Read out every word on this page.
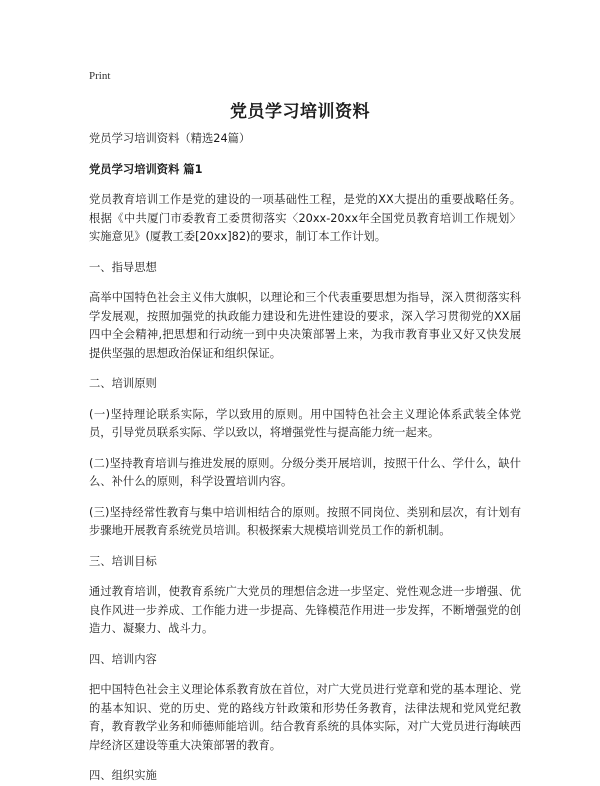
Print
党员学习培训资料
党员学习培训资料（精选24篇）
党员学习培训资料 篇1
党员教育培训工作是党的建设的一项基础性工程，是党的XX大提出的重要战略任务。根据《中共厦门市委教育工委贯彻落实〈20xx-20xx年全国党员教育培训工作规划〉实施意见》(厦教工委[20xx]82)的要求，制订本工作计划。
一、指导思想
高举中国特色社会主义伟大旗帜，以理论和三个代表重要思想为指导，深入贯彻落实科学发展观，按照加强党的执政能力建设和先进性建设的要求，深入学习贯彻党的XX届四中全会精神,把思想和行动统一到中央决策部署上来，为我市教育事业又好又快发展提供坚强的思想政治保证和组织保证。
二、培训原则
(一)坚持理论联系实际，学以致用的原则。用中国特色社会主义理论体系武装全体党员，引导党员联系实际、学以致以，将增强党性与提高能力统一起来。
(二)坚持教育培训与推进发展的原则。分级分类开展培训，按照干什么、学什么，缺什么、补什么的原则，科学设置培训内容。
(三)坚持经常性教育与集中培训相结合的原则。按照不同岗位、类别和层次，有计划有步骤地开展教育系统党员培训。积极探索大规模培训党员工作的新机制。
三、培训目标
通过教育培训，使教育系统广大党员的理想信念进一步坚定、党性观念进一步增强、优良作风进一步养成、工作能力进一步提高、先锋模范作用进一步发挥，不断增强党的创造力、凝聚力、战斗力。
四、培训内容
把中国特色社会主义理论体系教育放在首位，对广大党员进行党章和党的基本理论、党的基本知识、党的历史、党的路线方针政策和形势任务教育，法律法规和党风党纪教育，教育教学业务和师德师能培训。结合教育系统的具体实际，对广大党员进行海峡西岸经济区建设等重大决策部署的教育。
四、组织实施
